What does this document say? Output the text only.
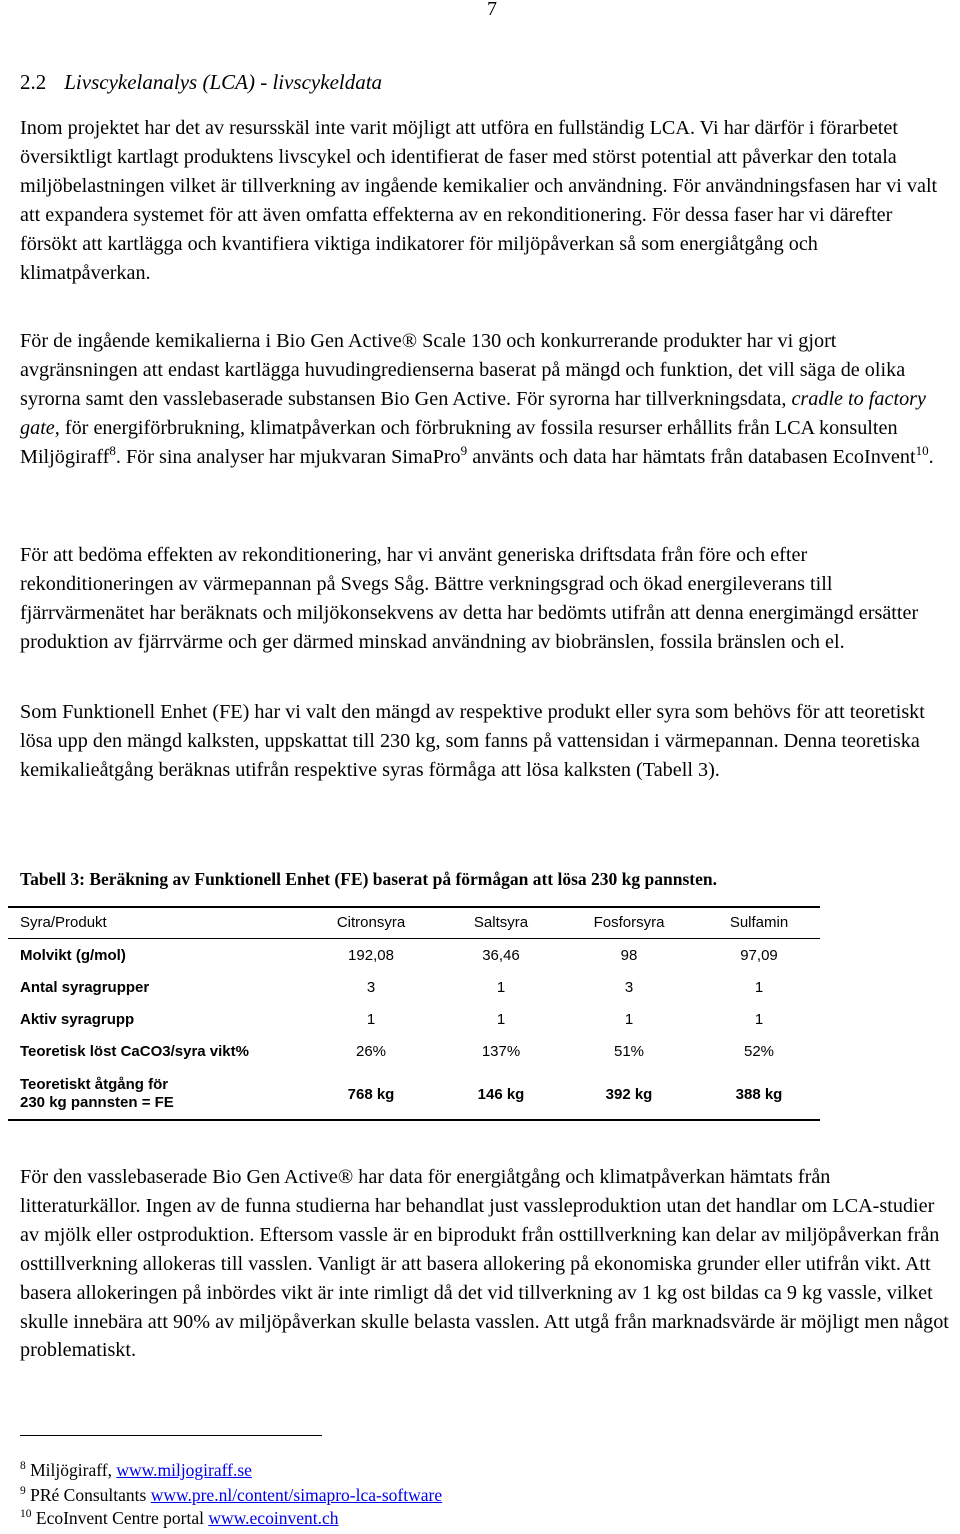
7
2.2 Livscykelanalys (LCA) - livscykeldata

Inom projektet har det av resursskäl inte varit möjligt att utföra en fullständig LCA. Vi har därför i förarbetet översiktligt kartlagt produktens livscykel och identifierat de faser med störst potential att påverkar den totala miljöbelastningen vilket är tillverkning av ingående kemikalier och användning. För användningsfasen har vi valt att expandera systemet för att även omfatta effekterna av en rekonditionering. För dessa faser har vi därefter försökt att kartlägga och kvantifiera viktiga indikatorer för miljöpåverkan så som energiåtgång och klimatpåverkan.

För de ingående kemikalierna i Bio Gen Active® Scale 130 och konkurrerande produkter har vi gjort avgränsningen att endast kartlägga huvudingredienserna baserat på mängd och funktion, det vill säga de olika syrorna samt den vasslebaserade substansen Bio Gen Active. För syrorna har tillverkningsdata, cradle to factory gate, för energiförbrukning, klimatpåverkan och förbrukning av fossila resurser erhållits från LCA konsulten Miljögiraff$^8$. För sina analyser har mjukvaran SimaPro$^9$ använts och data har hämtats från databasen EcoInvent$^{10}$.

För att bedöma effekten av rekonditionering, har vi använt generiska driftsdata från före och efter rekonditioneringen av värmepannan på Svegs Såg. Bättre verkningsgrad och ökad energileverans till fjärrvärmenätet har beräknats och miljökonsekvens av detta har bedömts utifrån att denna energimängd ersätter produktion av fjärrvärme och ger därmed minskad användning av biobränslen, fossila bränslen och el.

Som Funktionell Enhet (FE) har vi valt den mängd av respektive produkt eller syra som behövs för att teoretiskt lösa upp den mängd kalksten, uppskattat till 230 kg, som fanns på vattensidan i värmepannan. Denna teoretiska kemikalieåtgång beräknas utifrån respektive syras förmåga att lösa kalksten (Tabell 3).

Tabell 3: Beräkning av Funktionell Enhet (FE) baserat på förmågan att lösa 230 kg pannsten.
Syra/Produkt	Citronsyra	Saltsyra	Fosforsyra	Sulfamin
Molvikt (g/mol)	192,08	36,46	98	97,09
Antal syragrupper	3	1	3	1
Aktiv syragrupp	1	1	1	1
Teoretisk löst CaCO3/syra vikt%	26%	137%	51%	52%
Teoretiskt åtgång för
230 kg pannsten = FE	768 kg	146 kg	392 kg	388 kg

För den vasslebaserade Bio Gen Active® har data för energiåtgång och klimatpåverkan hämtats från litteraturkällor. Ingen av de funna studierna har behandlat just vassleproduktion utan det handlar om LCA-studier av mjölk eller ostproduktion. Eftersom vassle är en biprodukt från osttillverkning kan delar av miljöpåverkan från osttillverkning allokeras till vasslen. Vanligt är att basera allokering på ekonomiska grunder eller utifrån vikt. Att basera allokeringen på inbördes vikt är inte rimligt då det vid tillverkning av 1 kg ost bildas ca 9 kg vassle, vilket skulle innebära att 90% av miljöpåverkan skulle belasta vasslen. Att utgå från marknadsvärde är möjligt men något problematiskt.

$^8$ Miljögiraff, www.miljogiraff.se
$^9$ PRé Consultants www.pre.nl/content/simapro-lca-software
$^{10}$ EcoInvent Centre portal www.ecoinvent.ch
